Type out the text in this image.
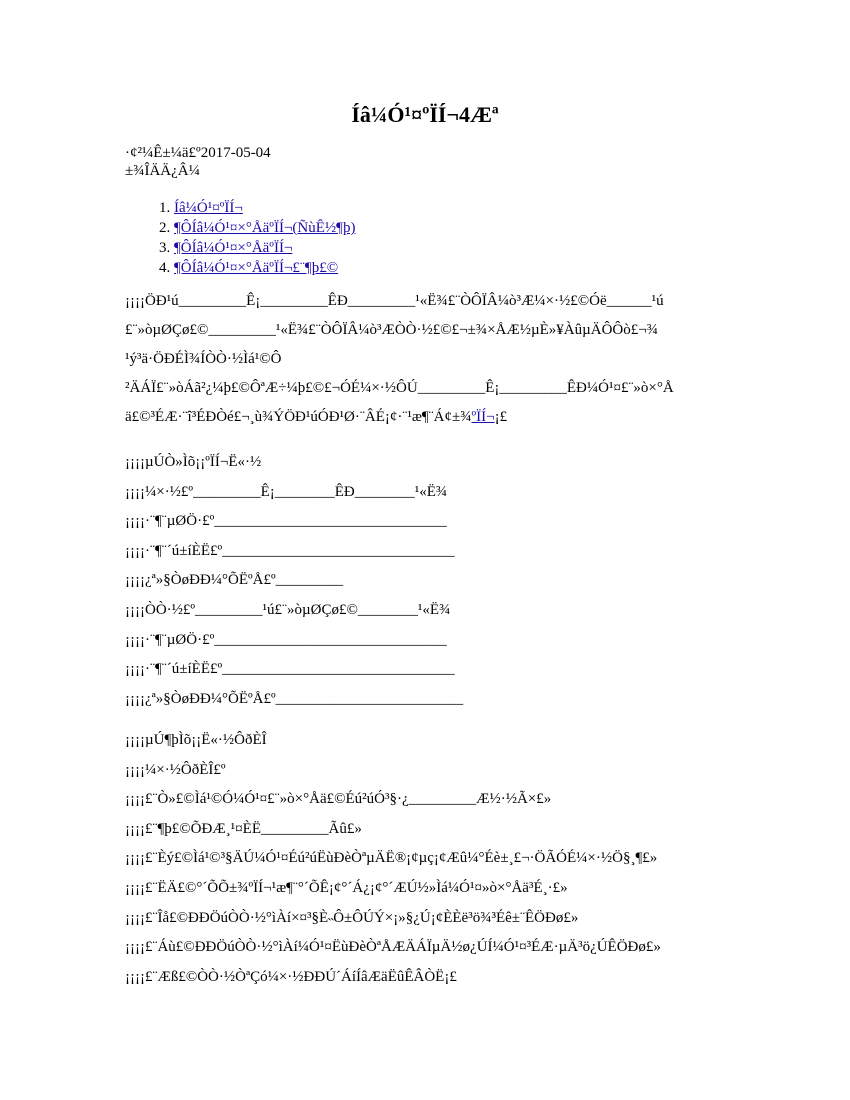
Íâ¼Ó¹¤ºÏÍ¬4Æª
·¢²¼Ê±¼ä£º2017-05-04
±¾ÎÄÄ¿Â¼
1. Íâ¼Ó¹¤ºÏÍ¬
2. ¶ÔÍâ¼Ó¹¤×°ÅäºÏÍ¬(ÑùÊ½¶þ)
3. ¶ÔÍâ¼Ó¹¤×°ÅäºÏÍ¬
4. ¶ÔÍâ¼Ó¹¤×°ÅäºÏÍ¬£¨¶þ£©
¡¡¡¡ÖÐ¹ú_________Ê¡_________ÊÐ_________¹«Ë¾£¨ÒÔÏÂ¼ò³Æ¼×·½£©Óë______¹ú
£¨»òµØÇø£©_________¹«Ë¾£¨ÒÔÏÂ¼ò³ÆÒÒ·½£©£¬±¾×ÅÆ½µÈ»¥ÀûµÄÔÔò£¬¾
¹ý³ä·ÖÐÉÌ¾ÍÒÒ·½Ìá¹©Ô
²ÄÁÏ£¨»òÁã²¿¼þ£©ÔªÆ÷¼þ£©£¬ÓÉ¼×·½ÔÚ_________Ê¡_________ÊÐ¼Ó¹¤£¨»ò×°Å
ä£©³ÉÆ·¨î³ÉÐÒé£¬¸ù¾ÝÖÐ¹úÓÐ¹Ø·¨ÂÉ¡¢·¨¹æ¶¨Á¢±¾ºÏÍ¬¡£
¡¡¡¡µÚÒ»Ìõ¡¡ºÏÍ¬Ë«·½
¡¡¡¡¼×·½£º_________Ê¡________ÊÐ________¹«Ë¾
¡¡¡¡·¨¶¨µØÖ·£º_______________________________
¡¡¡¡·¨¶¨´ú±íÈË£º_______________________________
¡¡¡¡¿ª»§ÒøÐÐ¼°ÕËºÅ£º_________
¡¡¡¡ÒÒ·½£º_________¹ú£¨»òµØÇø£©________¹«Ë¾
¡¡¡¡·¨¶¨µØÖ·£º_______________________________
¡¡¡¡·¨¶¨´ú±íÈË£º_______________________________
¡¡¡¡¿ª»§ÒøÐÐ¼°ÕËºÅ£º_________________________
¡¡¡¡µÚ¶þÌõ¡¡Ë«·½ÔðÈÎ
¡¡¡¡¼×·½ÔðÈÎ£º
¡¡¡¡£¨Ò»£©Ìá¹©Ó¼Ó¹¤£¨»ò×°Åä£©Éú²úÓ³§·¿_________Æ½·½Ã×£»
¡¡¡¡£¨¶þ£©ÕÐÆ¸¹¤ÈË_________Ãû£»
¡¡¡¡£¨Èý£©Ìá¹©³§ÄÚ¼Ó¹¤Éú²úËùÐèÒªµÄË®¡¢µç¡¢Æû¼°Éè±¸£¬·ÖÃÓÉ¼×·½Ö§¸¶£»
¡¡¡¡£¨ËÄ£©°´ÕÕ±¾ºÏÍ¬¹æ¶¨°´ÕÊ¡¢°´Á¿¡¢°´ÆÚ½»Ìá¼Ó¹¤»ò×°Åä³É¸·£»
¡¡¡¡£¨Îå£©ÐÐÖúÒÒ·½°ìÀí×¤³§È˵Ô±ÔÚÝ×¡»§¿Ú¡¢ÈÈë³ö¾³Éê±¨ÊÖÐø£»
¡¡¡¡£¨Áù£©ÐÐÖúÒÒ·½°ìÀí¼Ó¹¤ËùÐèÒªÅÆÄÁÏµÄ½ø¿ÚÍ¼Ó¹¤³ÉÆ·µÄ³ö¿ÚÊÖÐø£»
¡¡¡¡£¨Æß£©ÒÒ·½ÒªÇó¼×·½ÐÐÚ´ÁíÍâÆäËûÊÂÒË¡£
